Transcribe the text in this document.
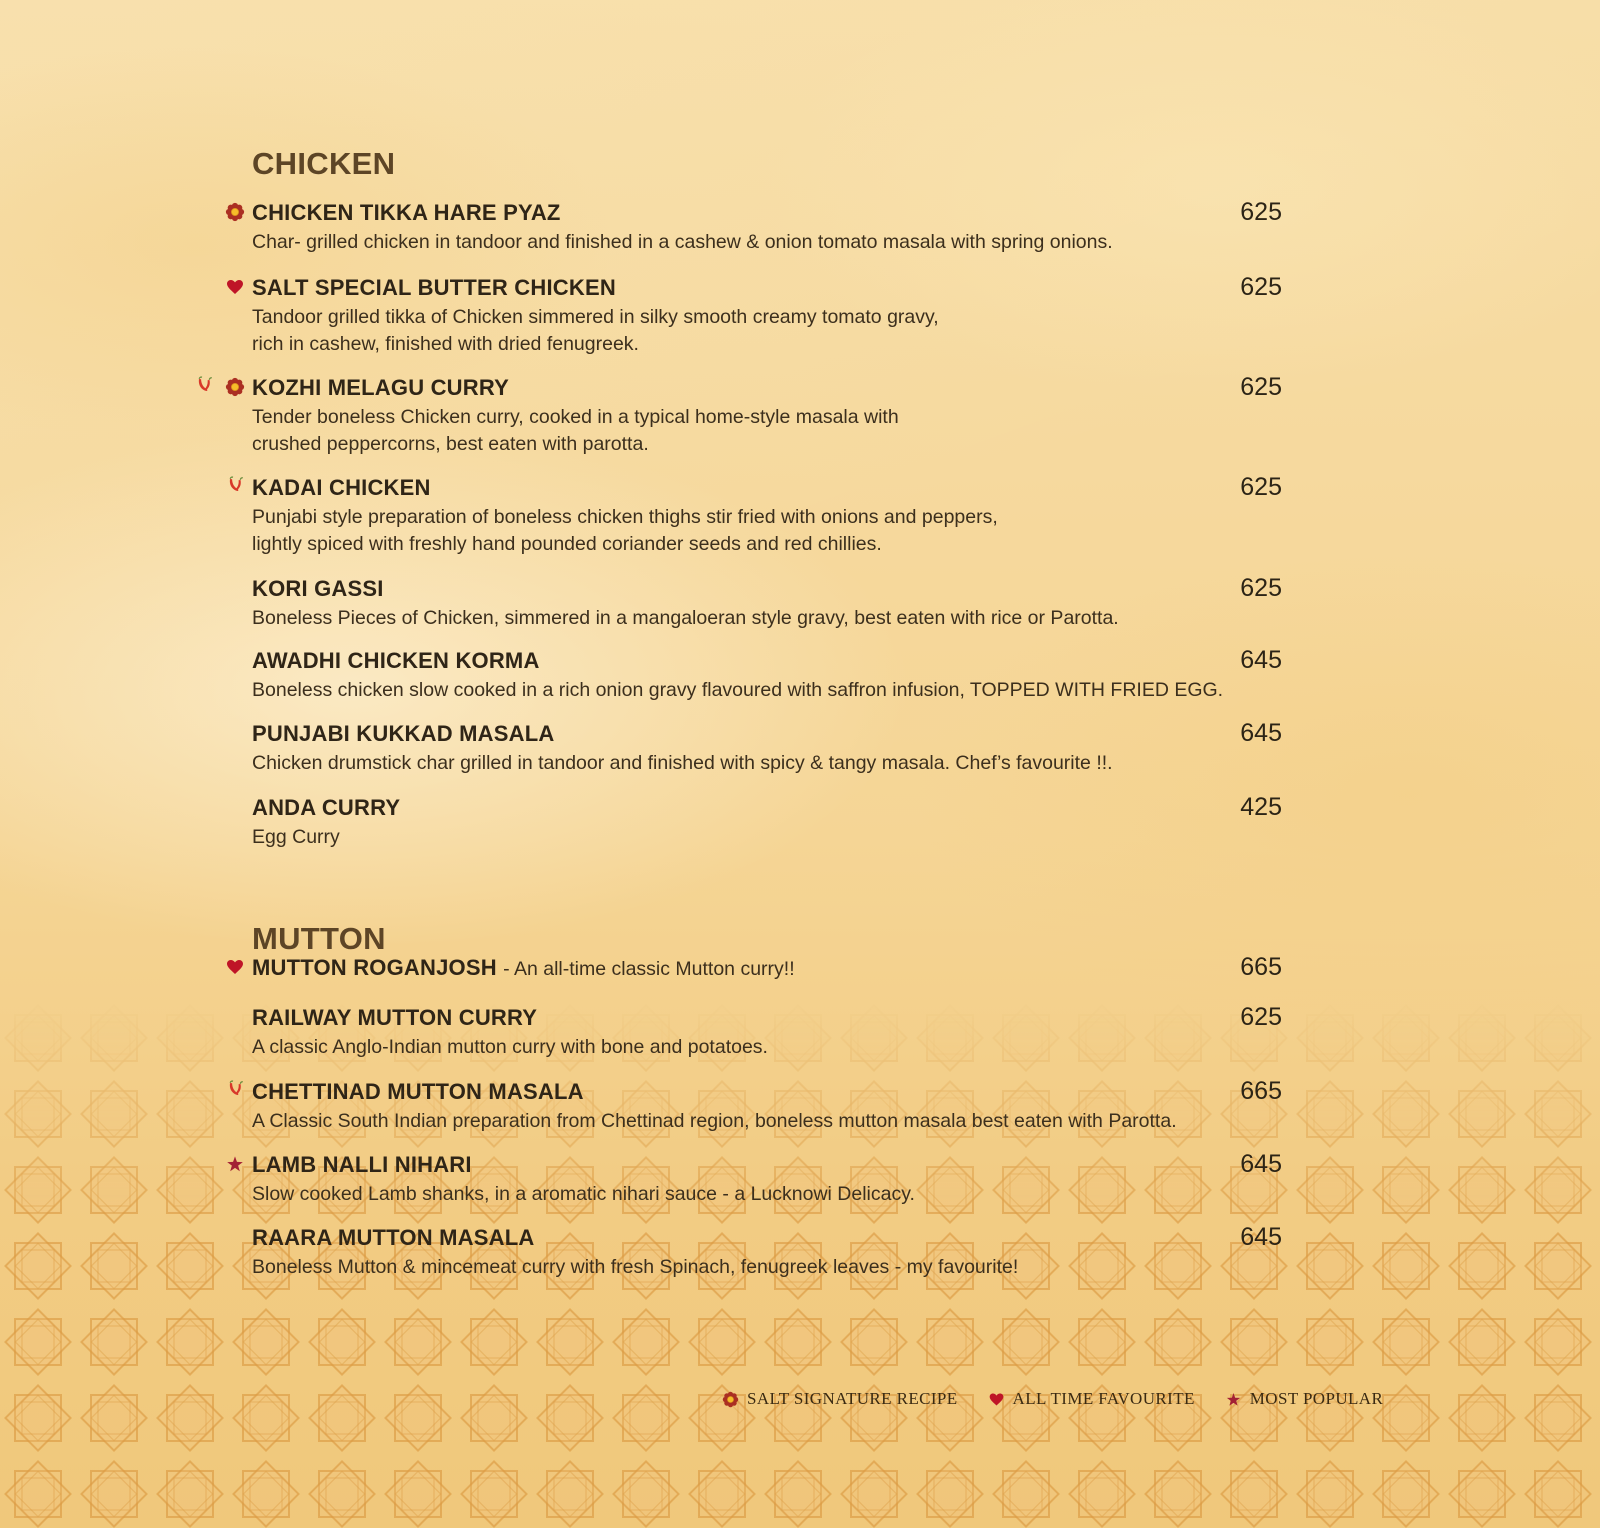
CHICKEN
CHICKEN TIKKA HARE PYAZ
Char- grilled chicken in tandoor and finished in a cashew & onion tomato masala with spring onions.
625
SALT SPECIAL BUTTER CHICKEN
Tandoor grilled tikka of Chicken simmered in silky smooth creamy tomato gravy,
rich in cashew, finished with dried fenugreek.
625
KOZHI MELAGU CURRY
Tender boneless Chicken curry, cooked in a typical home-style masala with
crushed peppercorns, best eaten with parotta.
625
KADAI CHICKEN
Punjabi style preparation of boneless chicken thighs stir fried with onions and peppers,
lightly spiced with freshly hand pounded coriander seeds and red chillies.
625
KORI GASSI
Boneless Pieces of Chicken, simmered in a mangaloeran style gravy, best eaten with rice or Parotta.
625
AWADHI CHICKEN KORMA
Boneless chicken slow cooked in a rich onion gravy flavoured with saffron infusion, TOPPED WITH FRIED EGG.
645
PUNJABI KUKKAD MASALA
Chicken drumstick char grilled in tandoor and finished with spicy & tangy masala. Chef’s favourite !!.
645
ANDA CURRY
Egg Curry
425
MUTTON
MUTTON ROGANJOSH - An all-time classic Mutton curry!!	665
RAILWAY MUTTON CURRY
A classic Anglo-Indian mutton curry with bone and potatoes.
625
CHETTINAD MUTTON MASALA
A Classic South Indian preparation from Chettinad region, boneless mutton masala best eaten with Parotta.
665
LAMB NALLI NIHARI
Slow cooked Lamb shanks, in a aromatic nihari sauce - a Lucknowi Delicacy.
645
RAARA MUTTON MASALA
Boneless Mutton & mincemeat curry with fresh Spinach, fenugreek leaves - my favourite!
645
SALT SIGNATURE RECIPE	ALL TIME FAVOURITE	MOST POPULAR
